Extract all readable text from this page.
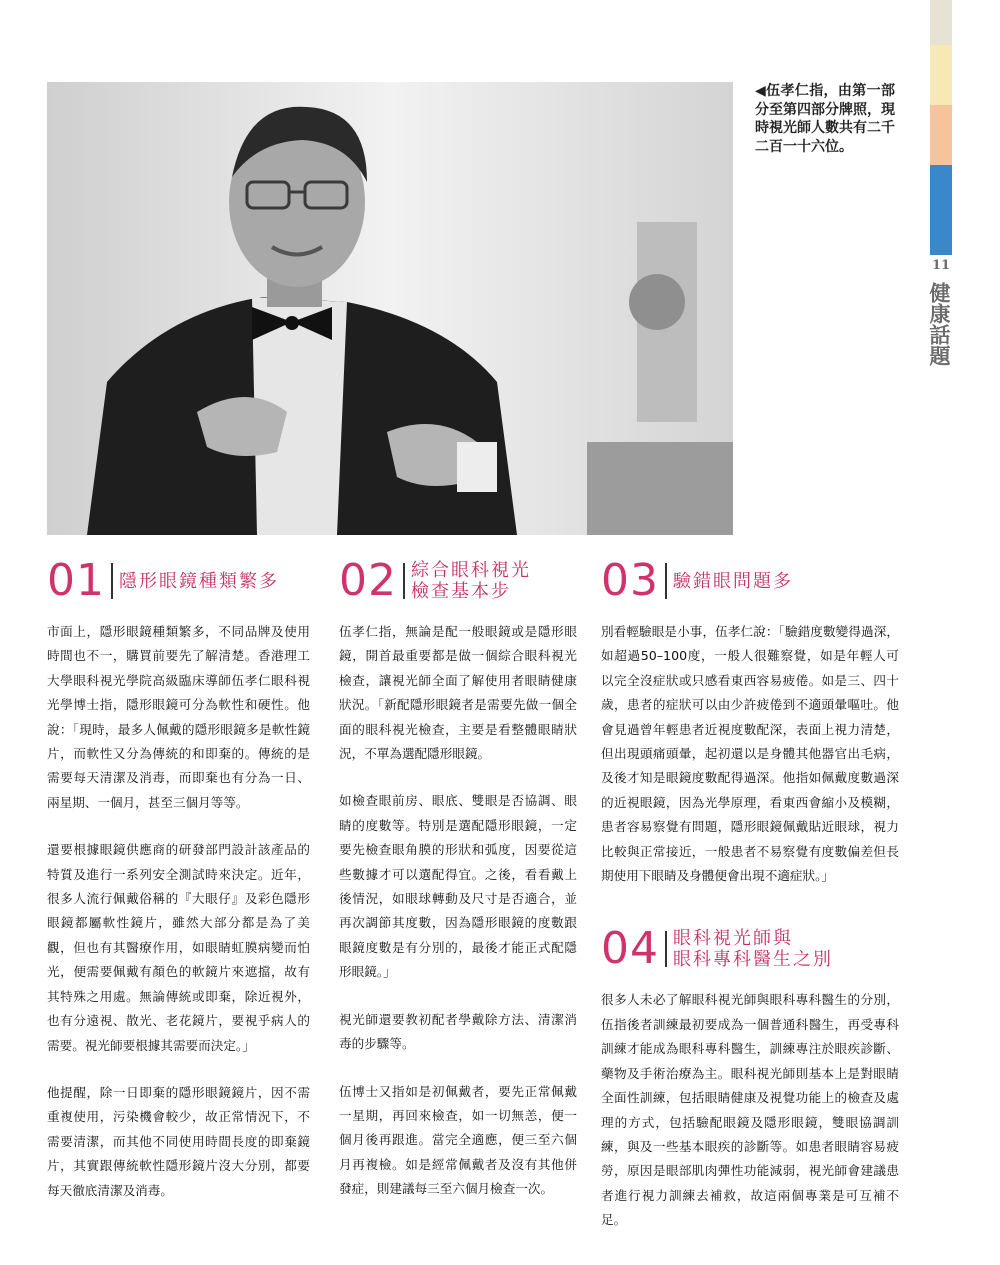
11
健康話題
◀伍孝仁指，由第一部分至第四部分牌照，現時視光師人數共有二千二百一十六位。
01 隱形眼鏡種類繁多
市面上，隱形眼鏡種類繁多，不同品牌及使用時間也不一，購買前要先了解清楚。香港理工大學眼科視光學院高級臨床導師伍孝仁眼科視光學博士指，隱形眼鏡可分為軟性和硬性。他說：「現時，最多人佩戴的隱形眼鏡多是軟性鏡片，而軟性又分為傳統的和即棄的。傳統的是需要每天清潔及消毒，而即棄也有分為一日、兩星期、一個月，甚至三個月等等。
還要根據眼鏡供應商的研發部門設計該產品的特質及進行一系列安全測試時來決定。近年，很多人流行佩戴俗稱的『大眼仔』及彩色隱形眼鏡都屬軟性鏡片，雖然大部分都是為了美觀，但也有其醫療作用，如眼睛虹膜病變而怕光，便需要佩戴有顏色的軟鏡片來遮擋，故有其特殊之用處。無論傳統或即棄，除近視外，也有分遠視、散光、老花鏡片，要視乎病人的需要。視光師要根據其需要而決定。」
他提醒，除一日即棄的隱形眼鏡鏡片，因不需重複使用，污染機會較少，故正常情況下，不需要清潔，而其他不同使用時間長度的即棄鏡片，其實跟傳統軟性隱形鏡片沒大分別，都要每天徹底清潔及消毒。
02 綜合眼科視光
檢查基本步
伍孝仁指，無論是配一般眼鏡或是隱形眼鏡，開首最重要都是做一個綜合眼科視光檢查，讓視光師全面了解使用者眼睛健康狀況。「新配隱形眼鏡者是需要先做一個全面的眼科視光檢查，主要是看整體眼睛狀況，不單為選配隱形眼鏡。
如檢查眼前房、眼底、雙眼是否協調、眼睛的度數等。特別是選配隱形眼鏡，一定要先檢查眼角膜的形狀和弧度，因要從這些數據才可以選配得宜。之後，看看戴上後情況，如眼球轉動及尺寸是否適合，並再次調節其度數，因為隱形眼鏡的度數跟眼鏡度數是有分別的，最後才能正式配隱形眼鏡。」
視光師還要教初配者學戴除方法、清潔消毒的步驟等。
伍博士又指如是初佩戴者，要先正常佩戴一星期，再回來檢查，如一切無恙，便一個月後再跟進。當完全適應，便三至六個月再複檢。如是經常佩戴者及沒有其他併發症，則建議每三至六個月檢查一次。
03 驗錯眼問題多
別看輕驗眼是小事，伍孝仁說：「驗錯度數變得過深，如超過50–100度，一般人很難察覺，如是年輕人可以完全沒症狀或只感看東西容易疲倦。如是三、四十歲，患者的症狀可以由少許疲倦到不適頭暈嘔吐。他會見過曾年輕患者近視度數配深，表面上視力清楚，但出現頭痛頭暈，起初還以是身體其他器官出毛病，及後才知是眼鏡度數配得過深。他指如佩戴度數過深的近視眼鏡，因為光學原理，看東西會縮小及模糊，患者容易察覺有問題，隱形眼鏡佩戴貼近眼球，視力比較與正常接近，一般患者不易察覺有度數偏差但長期使用下眼睛及身體便會出現不適症狀。」
04 眼科視光師與
眼科專科醫生之別
很多人未必了解眼科視光師與眼科專科醫生的分別，伍指後者訓練最初要成為一個普通科醫生，再受專科訓練才能成為眼科專科醫生，訓練專注於眼疾診斷、藥物及手術治療為主。眼科視光師則基本上是對眼睛全面性訓練，包括眼睛健康及視覺功能上的檢查及處理的方式，包括驗配眼鏡及隱形眼鏡，雙眼協調訓練，與及一些基本眼疾的診斷等。如患者眼睛容易疲勞，原因是眼部肌肉彈性功能減弱，視光師會建議患者進行視力訓練去補救，故這兩個專業是可互補不足。
